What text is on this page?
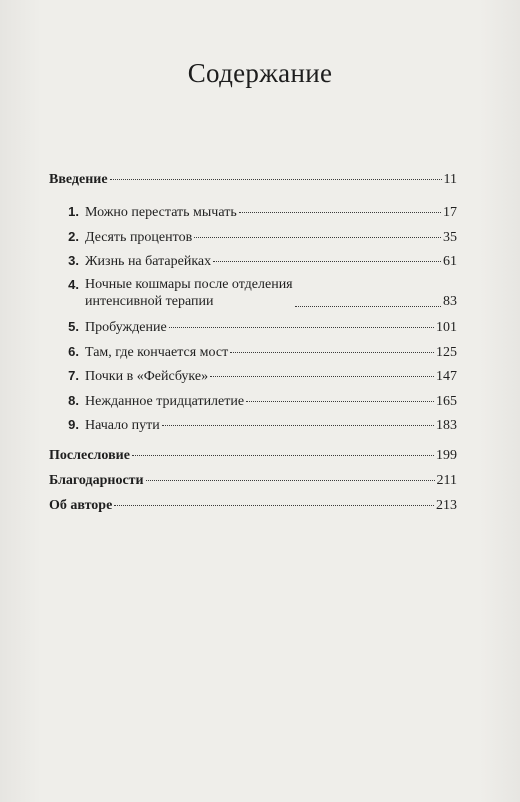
Содержание
Введение	11
1. Можно перестать мычать	17
2. Десять процентов	35
3. Жизнь на батарейках	61
4. Ночные кошмары после отделения
интенсивной терапии	83
5. Пробуждение	101
6. Там, где кончается мост	125
7. Почки в «Фейсбуке»	147
8. Нежданное тридцатилетие	165
9. Начало пути	183
Послесловие	199
Благодарности	211
Об авторе	213
